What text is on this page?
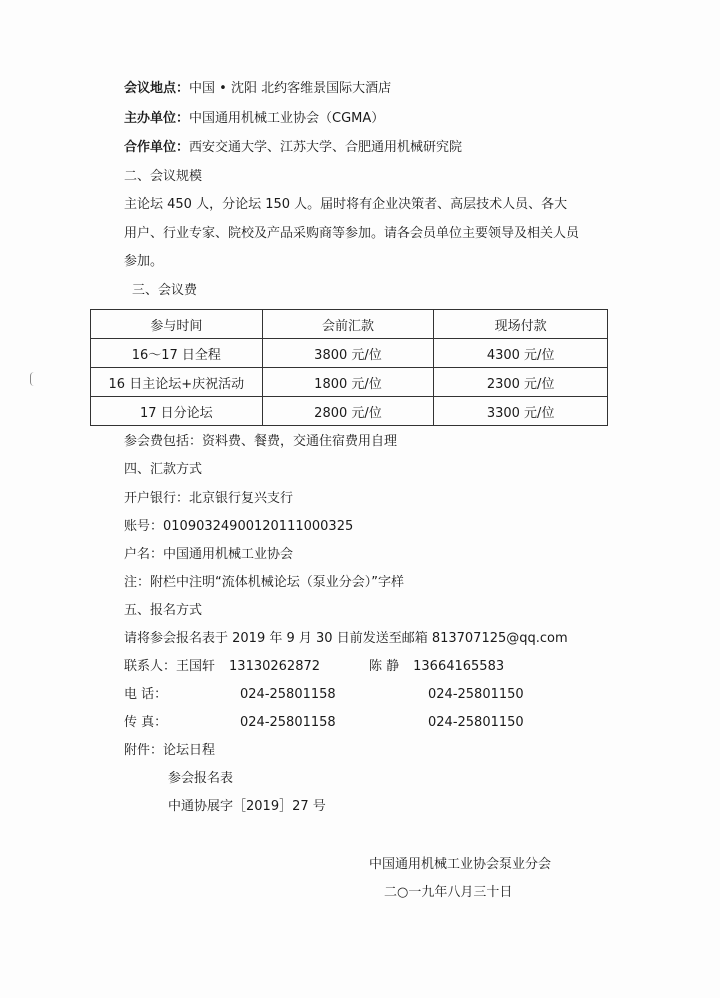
会议地点：中国 • 沈阳 北约客维景国际大酒店
主办单位：中国通用机械工业协会（CGMA）
合作单位：西安交通大学、江苏大学、合肥通用机械研究院
二、会议规模
主论坛 450 人，分论坛 150 人。届时将有企业决策者、高层技术人员、各大
用户、行业专家、院校及产品采购商等参加。请各会员单位主要领导及相关人员
参加。
三、会议费
参与时间	会前汇款	现场付款
16～17 日全程	3800 元/位	4300 元/位
16 日主论坛+庆祝活动	1800 元/位	2300 元/位
17 日分论坛	2800 元/位	3300 元/位
参会费包括：资料费、餐费，交通住宿费用自理
四、汇款方式
开户银行：北京银行复兴支行
账号：01090324900120111000325
户名：中国通用机械工业协会
注：附栏中注明“流体机械论坛（泵业分会）”字样
五、报名方式
请将参会报名表于 2019 年 9 月 30 日前发送至邮箱 813707125@qq.com
联系人：王国轩 13130262872	陈 静 13664165583
电 话：	024-25801158	024-25801150
传 真：	024-25801158	024-25801150
附件：论坛日程
参会报名表
中通协展字［2019］27 号
中国通用机械工业协会泵业分会
二○一九年八月三十日
